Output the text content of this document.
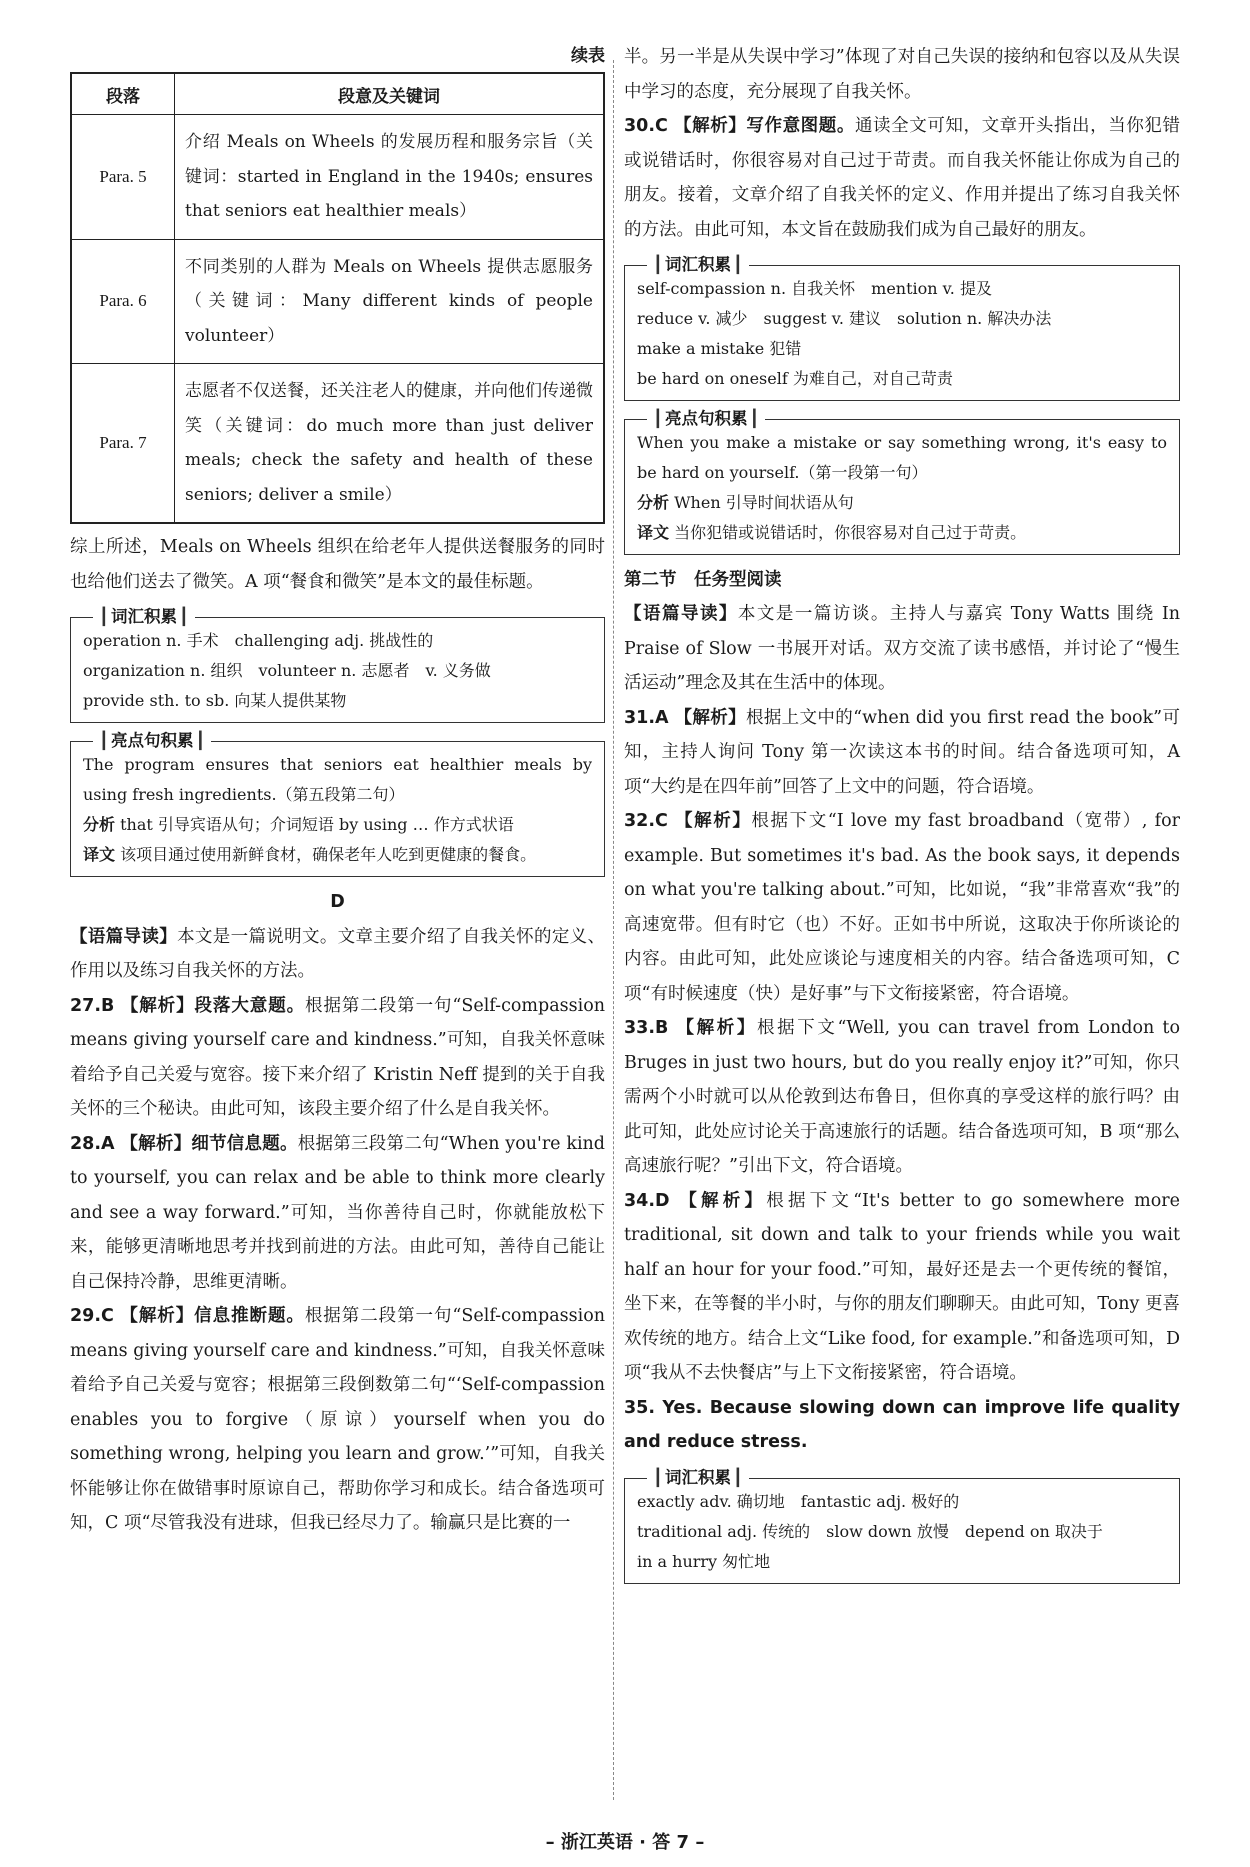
续表
段落	段意及关键词
Para. 5	介绍 Meals on Wheels 的发展历程和服务宗旨（关键词：started in England in the 1940s; ensures that seniors eat healthier meals）
Para. 6	不同类别的人群为 Meals on Wheels 提供志愿服务（关键词：Many different kinds of people volunteer）
Para. 7	志愿者不仅送餐，还关注老人的健康，并向他们传递微笑（关键词：do much more than just deliver meals; check the safety and health of these seniors; deliver a smile）

综上所述，Meals on Wheels 组织在给老年人提供送餐服务的同时也给他们送去了微笑。A 项“餐食和微笑”是本文的最佳标题。

┃ 词汇积累 ┃

operation n. 手术　challenging adj. 挑战性的

organization n. 组织　volunteer n. 志愿者　v. 义务做

provide sth. to sb. 向某人提供某物

┃ 亮点句积累 ┃

The program ensures that seniors eat healthier meals by using fresh ingredients.（第五段第二句）

分析 that 引导宾语从句；介词短语 by using … 作方式状语

译文 该项目通过使用新鲜食材，确保老年人吃到更健康的餐食。

D

【语篇导读】本文是一篇说明文。文章主要介绍了自我关怀的定义、作用以及练习自我关怀的方法。

27.B 【解析】段落大意题。根据第二段第一句“Self-compassion means giving yourself care and kindness.”可知，自我关怀意味着给予自己关爱与宽容。接下来介绍了 Kristin Neff 提到的关于自我关怀的三个秘诀。由此可知，该段主要介绍了什么是自我关怀。

28.A 【解析】细节信息题。根据第三段第二句“When you're kind to yourself, you can relax and be able to think more clearly and see a way forward.”可知，当你善待自己时，你就能放松下来，能够更清晰地思考并找到前进的方法。由此可知，善待自己能让自己保持冷静，思维更清晰。

29.C 【解析】信息推断题。根据第二段第一句“Self-compassion means giving yourself care and kindness.”可知，自我关怀意味着给予自己关爱与宽容；根据第三段倒数第二句“‘Self-compassion enables you to forgive（原谅）yourself when you do something wrong, helping you learn and grow.’”可知，自我关怀能够让你在做错事时原谅自己，帮助你学习和成长。结合备选项可知，C 项“尽管我没有进球，但我已经尽力了。输赢只是比赛的一

半。另一半是从失误中学习”体现了对自己失误的接纳和包容以及从失误中学习的态度，充分展现了自我关怀。

30.C 【解析】写作意图题。通读全文可知，文章开头指出，当你犯错或说错话时，你很容易对自己过于苛责。而自我关怀能让你成为自己的朋友。接着，文章介绍了自我关怀的定义、作用并提出了练习自我关怀的方法。由此可知，本文旨在鼓励我们成为自己最好的朋友。

┃ 词汇积累 ┃

self-compassion n. 自我关怀　mention v. 提及

reduce v. 减少　suggest v. 建议　solution n. 解决办法

make a mistake 犯错

be hard on oneself 为难自己，对自己苛责

┃ 亮点句积累 ┃

When you make a mistake or say something wrong, it's easy to be hard on yourself.（第一段第一句）

分析 When 引导时间状语从句

译文 当你犯错或说错话时，你很容易对自己过于苛责。

第二节　任务型阅读

【语篇导读】本文是一篇访谈。主持人与嘉宾 Tony Watts 围绕 In Praise of Slow 一书展开对话。双方交流了读书感悟，并讨论了“慢生活运动”理念及其在生活中的体现。

31.A 【解析】根据上文中的“when did you first read the book”可知，主持人询问 Tony 第一次读这本书的时间。结合备选项可知，A 项“大约是在四年前”回答了上文中的问题，符合语境。

32.C 【解析】根据下文“I love my fast broadband（宽带）, for example. But sometimes it's bad. As the book says, it depends on what you're talking about.”可知，比如说，“我”非常喜欢“我”的高速宽带。但有时它（也）不好。正如书中所说，这取决于你所谈论的内容。由此可知，此处应谈论与速度相关的内容。结合备选项可知，C 项“有时候速度（快）是好事”与下文衔接紧密，符合语境。

33.B 【解析】根据下文“Well, you can travel from London to Bruges in just two hours, but do you really enjoy it?”可知，你只需两个小时就可以从伦敦到达布鲁日，但你真的享受这样的旅行吗？由此可知，此处应讨论关于高速旅行的话题。结合备选项可知，B 项“那么高速旅行呢？”引出下文，符合语境。

34.D 【解析】根据下文“It's better to go somewhere more traditional, sit down and talk to your friends while you wait half an hour for your food.”可知，最好还是去一个更传统的餐馆，坐下来，在等餐的半小时，与你的朋友们聊聊天。由此可知，Tony 更喜欢传统的地方。结合上文“Like food, for example.”和备选项可知，D 项“我从不去快餐店”与上下文衔接紧密，符合语境。

35. Yes. Because slowing down can improve life quality and reduce stress.

┃ 词汇积累 ┃

exactly adv. 确切地　fantastic adj. 极好的

traditional adj. 传统的　slow down 放慢　depend on 取决于

in a hurry 匆忙地

– 浙江英语 · 答 7 –
